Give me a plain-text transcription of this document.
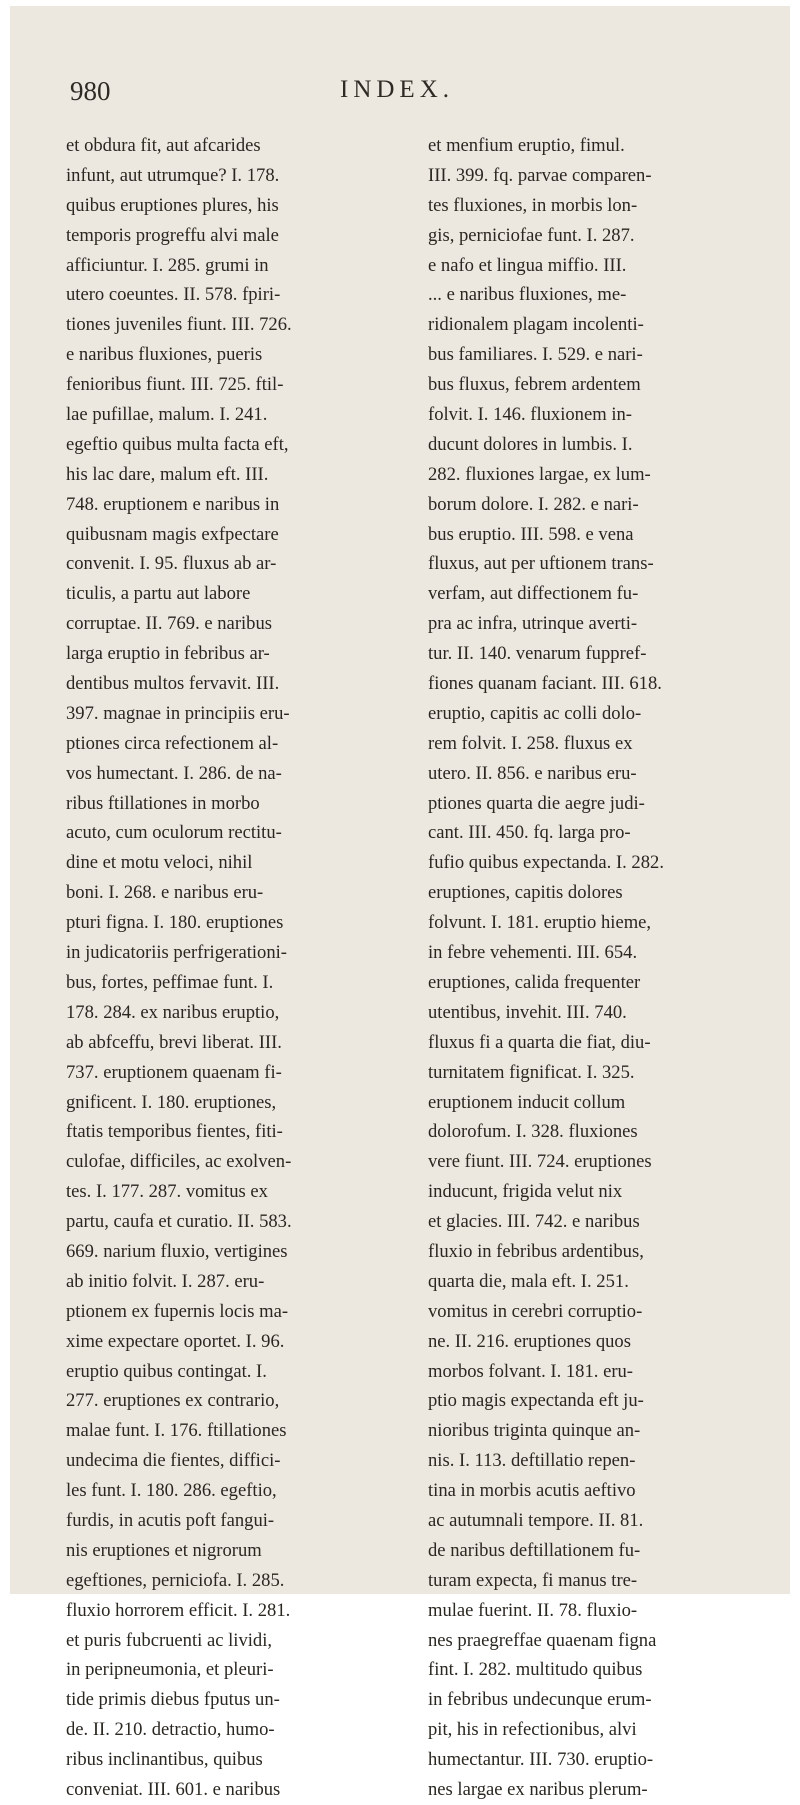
980	INDEX.
et obdura fit, aut afcarides
infunt, aut utrumque? I. 178.
quibus eruptiones plures, his
temporis progreffu alvi male
afficiuntur. I. 285. grumi in
utero coeuntes. II. 578. fpiri-
tiones juveniles fiunt. III. 726.
e naribus fluxiones, pueris
fenioribus fiunt. III. 725. ftil-
lae pufillae, malum. I. 241.
egeftio quibus multa facta eft,
his lac dare, malum eft. III.
748. eruptionem e naribus in
quibusnam magis exfpectare
convenit. I. 95. fluxus ab ar-
ticulis, a partu aut labore
corruptae. II. 769. e naribus
larga eruptio in febribus ar-
dentibus multos fervavit. III.
397. magnae in principiis eru-
ptiones circa refectionem al-
vos humectant. I. 286. de na-
ribus ftillationes in morbo
acuto, cum oculorum rectitu-
dine et motu veloci, nihil
boni. I. 268. e naribus eru-
pturi figna. I. 180. eruptiones
in judicatoriis perfrigerationi-
bus, fortes, peffimae funt. I.
178. 284. ex naribus eruptio,
ab abfceffu, brevi liberat. III.
737. eruptionem quaenam fi-
gnificent. I. 180. eruptiones,
ftatis temporibus fientes, fiti-
culofae, difficiles, ac exolven-
tes. I. 177. 287. vomitus ex
partu, caufa et curatio. II. 583.
669. narium fluxio, vertigines
ab initio folvit. I. 287. eru-
ptionem ex fupernis locis ma-
xime expectare oportet. I. 96.
eruptio quibus contingat. I.
277. eruptiones ex contrario,
malae funt. I. 176. ftillationes
undecima die fientes, diffici-
les funt. I. 180. 286. egeftio,
furdis, in acutis poft fangui-
nis eruptiones et nigrorum
egeftiones, perniciofa. I. 285.
fluxio horrorem efficit. I. 281.
et puris fubcruenti ac lividi,
in peripneumonia, et pleuri-
tide primis diebus fputus un-
de. II. 210. detractio, humo-
ribus inclinantibus, quibus
conveniat. III. 601. e naribus
et menfium eruptio, fimul.
III. 399. fq. parvae comparen-
tes fluxiones, in morbis lon-
gis, perniciofae funt. I. 287.
e nafo et lingua miffio. III.
... e naribus fluxiones, me-
ridionalem plagam incolenti-
bus familiares. I. 529. e nari-
bus fluxus, febrem ardentem
folvit. I. 146. fluxionem in-
ducunt dolores in lumbis. I.
282. fluxiones largae, ex lum-
borum dolore. I. 282. e nari-
bus eruptio. III. 598. e vena
fluxus, aut per uftionem trans-
verfam, aut diffectionem fu-
pra ac infra, utrinque averti-
tur. II. 140. venarum fuppref-
fiones quanam faciant. III. 618.
eruptio, capitis ac colli dolo-
rem folvit. I. 258. fluxus ex
utero. II. 856. e naribus eru-
ptiones quarta die aegre judi-
cant. III. 450. fq. larga pro-
fufio quibus expectanda. I. 282.
eruptiones, capitis dolores
folvunt. I. 181. eruptio hieme,
in febre vehementi. III. 654.
eruptiones, calida frequenter
utentibus, invehit. III. 740.
fluxus fi a quarta die fiat, diu-
turnitatem fignificat. I. 325.
eruptionem inducit collum
dolorofum. I. 328. fluxiones
vere fiunt. III. 724. eruptiones
inducunt, frigida velut nix
et glacies. III. 742. e naribus
fluxio in febribus ardentibus,
quarta die, mala eft. I. 251.
vomitus in cerebri corruptio-
ne. II. 216. eruptiones quos
morbos folvant. I. 181. eru-
ptio magis expectanda eft ju-
nioribus triginta quinque an-
nis. I. 113. deftillatio repen-
tina in morbis acutis aeftivo
ac autumnali tempore. II. 81.
de naribus deftillationem fu-
turam expecta, fi manus tre-
mulae fuerint. II. 78. fluxio-
nes praegreffae quaenam figna
fint. I. 282. multitudo quibus
in febribus undecunque erum-
pit, his in refectionibus, alvi
humectantur. III. 730. eruptio-
nes largae ex naribus plerum-
